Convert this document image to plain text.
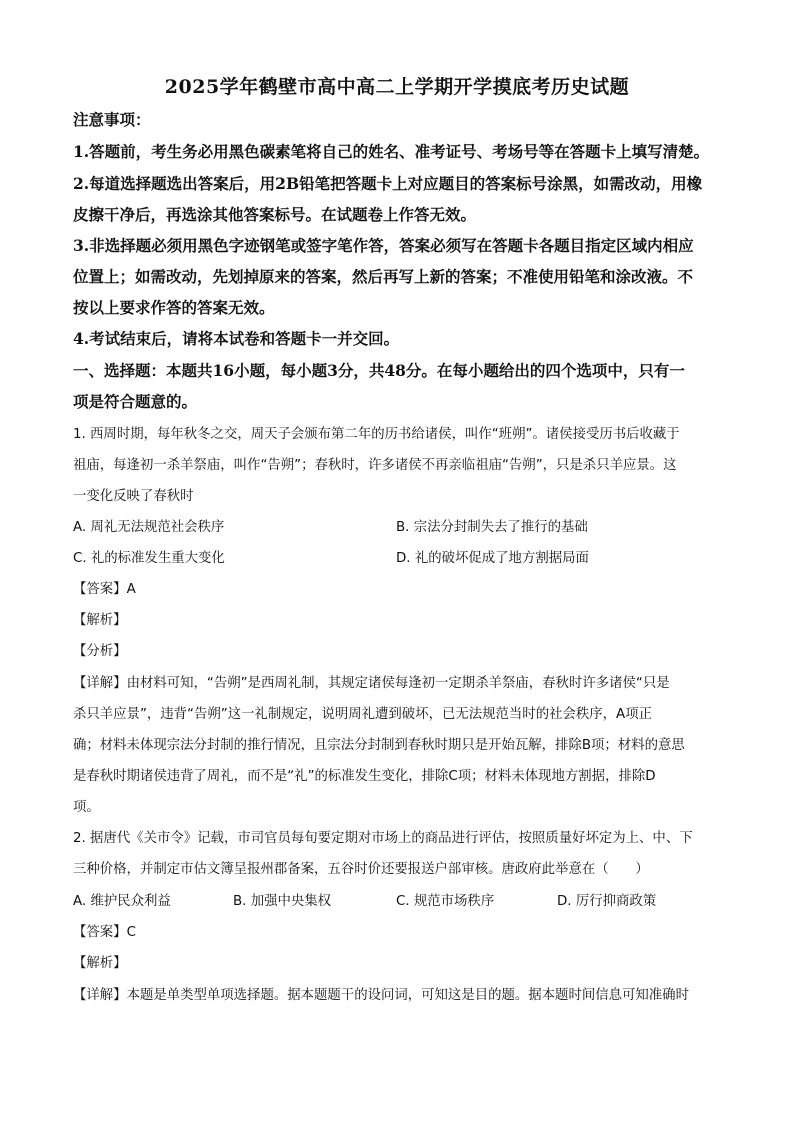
2025学年鹤壁市高中高二上学期开学摸底考历史试题
注意事项：
1.答题前，考生务必用黑色碳素笔将自己的姓名、准考证号、考场号等在答题卡上填写清楚。
2.每道选择题选出答案后，用2B铅笔把答题卡上对应题目的答案标号涂黑，如需改动，用橡
皮擦干净后，再选涂其他答案标号。在试题卷上作答无效。
3.非选择题必须用黑色字迹钢笔或签字笔作答，答案必须写在答题卡各题目指定区域内相应
位置上；如需改动，先划掉原来的答案，然后再写上新的答案；不准使用铅笔和涂改液。不
按以上要求作答的答案无效。
4.考试结束后，请将本试卷和答题卡一并交回。
一、选择题：本题共16小题，每小题3分，共48分。在每小题给出的四个选项中，只有一
项是符合题意的。
1. 西周时期，每年秋冬之交，周天子会颁布第二年的历书给诸侯，叫作“班朔”。诸侯接受历书后收藏于
祖庙，每逢初一杀羊祭庙，叫作“告朔”；春秋时，许多诸侯不再亲临祖庙“告朔”，只是杀只羊应景。这
一变化反映了春秋时
A. 周礼无法规范社会秩序	B. 宗法分封制失去了推行的基础
C. 礼的标准发生重大变化	D. 礼的破坏促成了地方割据局面
【答案】A
【解析】
【分析】
【详解】由材料可知，“告朔”是西周礼制，其规定诸侯每逢初一定期杀羊祭庙，春秋时许多诸侯“只是
杀只羊应景”，违背“告朔”这一礼制规定，说明周礼遭到破坏，已无法规范当时的社会秩序，A项正
确；材料未体现宗法分封制的推行情况，且宗法分封制到春秋时期只是开始瓦解，排除B项；材料的意思
是春秋时期诸侯违背了周礼，而不是“礼”的标准发生变化，排除C项；材料未体现地方割据，排除D
项。
2. 据唐代《关市令》记载，市司官员每旬要定期对市场上的商品进行评估，按照质量好坏定为上、中、下
三种价格，并制定市估文簿呈报州郡备案，五谷时价还要报送户部审核。唐政府此举意在（　　）
A. 维护民众利益	B. 加强中央集权	C. 规范市场秩序	D. 厉行抑商政策
【答案】C
【解析】
【详解】本题是单类型单项选择题。据本题题干的设问词，可知这是目的题。据本题时间信息可知准确时
